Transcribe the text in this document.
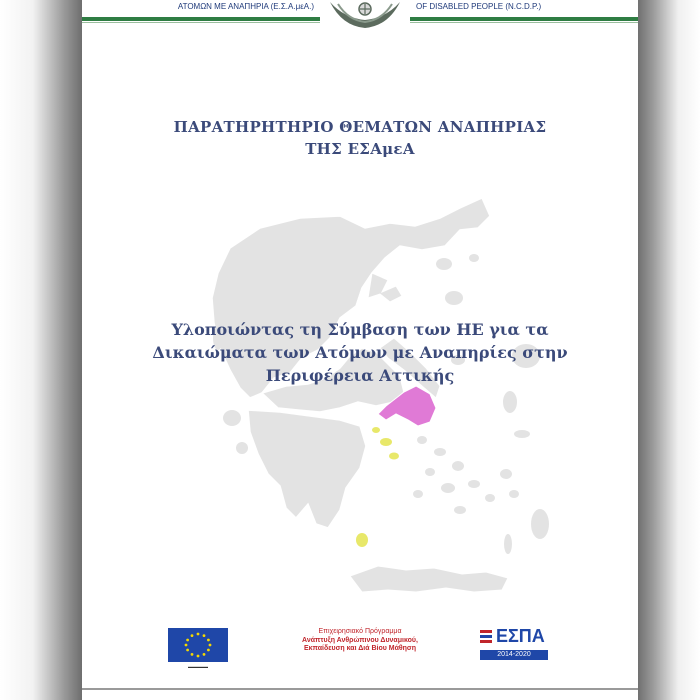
ΑΤΟΜΩΝ ΜΕ ΑΝΑΠΗΡΙΑ (Ε.Σ.Α.μεΑ.)	OF DISABLED PEOPLE (N.C.D.P.)
ΠΑΡΑΤΗΡΗΤΗΡΙΟ ΘΕΜΑΤΩΝ ΑΝΑΠΗΡΙΑΣ
ΤΗΣ ΕΣΑμεΑ
Υλοποιώντας τη Σύμβαση των ΗΕ για τα
Δικαιώματα των Ατόμων με Αναπηρίες στην
Περιφέρεια Αττικής
▬▬▬▬▬
Επιχειρησιακό Πρόγραμμα
Ανάπτυξη Ανθρώπινου Δυναμικού,
Εκπαίδευση και Διά Βίου Μάθηση
ΕΣΠΑ
2014-2020
